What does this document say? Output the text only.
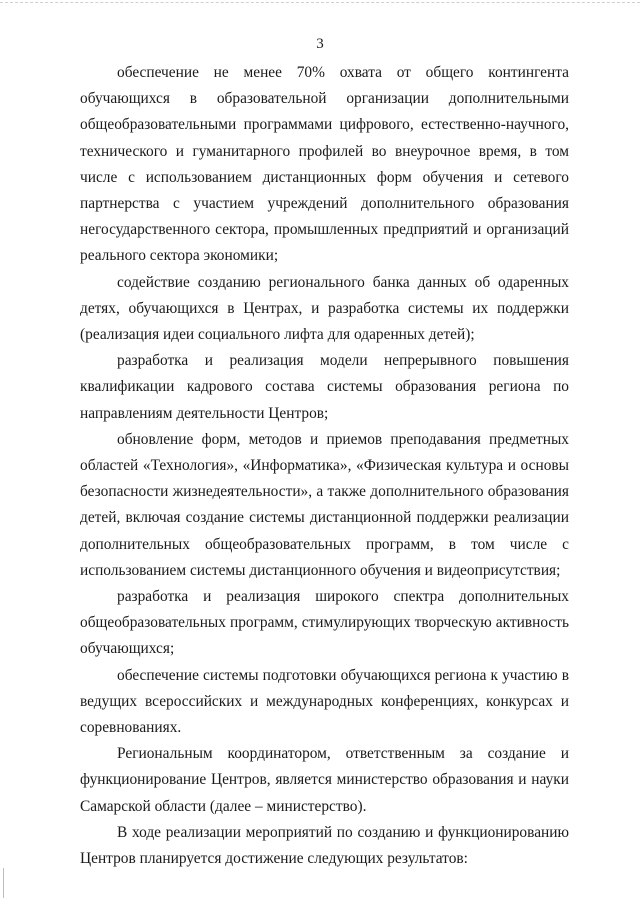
3

обеспечение не менее 70% охвата от общего контингента обучающихся в образовательной организации дополнительными общеобразовательными программами цифрового, естественно-научного, технического и гуманитарного профилей во внеурочное время, в том числе с использованием дистанционных форм обучения и сетевого партнерства с участием учреждений дополнительного образования негосударственного сектора, промышленных предприятий и организаций реального сектора экономики;

содействие созданию регионального банка данных об одаренных детях, обучающихся в Центрах, и разработка системы их поддержки (реализация идеи социального лифта для одаренных детей);

разработка и реализация модели непрерывного повышения квалификации кадрового состава системы образования региона по направлениям деятельности Центров;

обновление форм, методов и приемов преподавания предметных областей «Технология», «Информатика», «Физическая культура и основы безопасности жизнедеятельности», а также дополнительного образования детей, включая создание системы дистанционной поддержки реализации дополнительных общеобразовательных программ, в том числе с использованием системы дистанционного обучения и видеоприсутствия;

разработка и реализация широкого спектра дополнительных общеобразовательных программ, стимулирующих творческую активность обучающихся;

обеспечение системы подготовки обучающихся региона к участию в ведущих всероссийских и международных конференциях, конкурсах и соревнованиях.

Региональным координатором, ответственным за создание и функционирование Центров, является министерство образования и науки Самарской области (далее – министерство).

В ходе реализации мероприятий по созданию и функционированию Центров планируется достижение следующих результатов:
